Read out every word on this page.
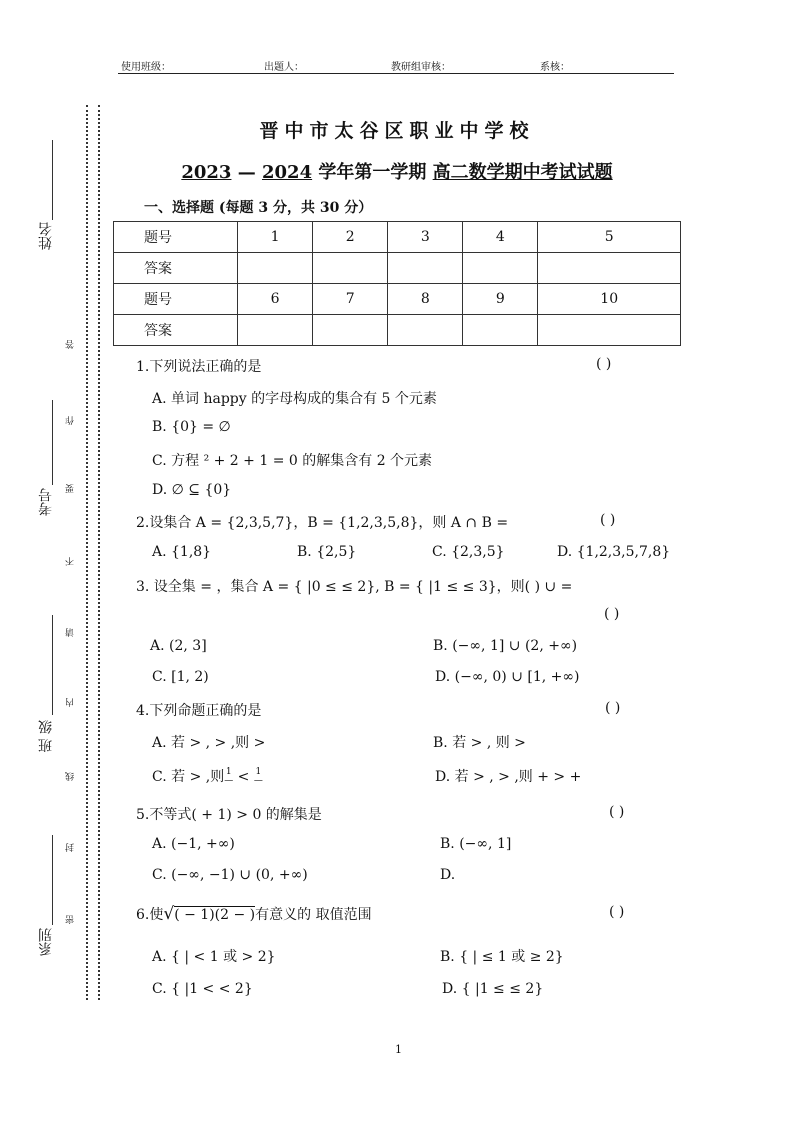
使用班级：	出题人：	教研组审核：	系核：
姓名
考号
班 级
系别
答
作
要
不
请
内
线
封
密
晋中市太谷区职业中学校
2023 — 2024 学年第一学期 高二数学期中考试试题
一、选择题 (每题 3 分，共 30 分）
题号	1	2	3	4	5
答案					
题号	6	7	8	9	10
答案					
1.下列说法正确的是	( )
A. 单词 happy 的字母构成的集合有 5 个元素
B. {0} = ∅
C. 方程 ² + 2 + 1 = 0 的解集含有 2 个元素
D. ∅ ⊆ {0}
2.设集合 A = {2,3,5,7}，B = {1,2,3,5,8}，则 A ∩ B =	( )
A. {1,8}	B. {2,5}	C. {2,3,5}	D. {1,2,3,5,7,8}
3. 设全集 = ，集合 A = { |0 ≤ ≤ 2}, B = { |1 ≤ ≤ 3}，则( ) ∪ =
( )
A. (2, 3]	B. (−∞, 1] ∪ (2, +∞)
C. [1, 2)	D. (−∞, 0) ∪ [1, +∞)
4.下列命题正确的是	( )
A. 若 > , > ,则 >	B. 若 > , 则 >
C. 若 > ,则 1
— < 1
—	D. 若 > , > ,则 + > +
5.不等式( + 1) > 0 的解集是	( )
A. (−1, +∞)	B. (−∞, 1]
C. (−∞, −1) ∪ (0, +∞)	D.
6.使√( − 1)(2 − )有意义的 取值范围	( )
A. { | < 1 或 > 2}	B. { | ≤ 1 或 ≥ 2}
C. { |1 < < 2}	D. { |1 ≤ ≤ 2}
1
